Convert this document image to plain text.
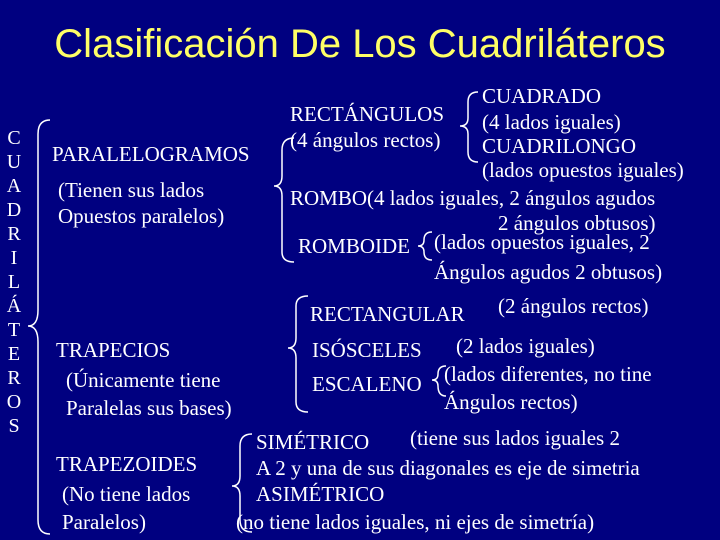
Clasificación De Los Cuadriláteros
C
U
A
D
R
I
L
Á
T
E
R
O
S
PARALELOGRAMOS
(Tienen sus lados
Opuestos paralelos)
RECTÁNGULOS
(4 ángulos rectos)
CUADRADO
(4 lados iguales)
CUADRILONGO
(lados opuestos iguales)
ROMBO(4 lados iguales, 2 ángulos agudos
2 ángulos obtusos)
ROMBOIDE (lados opuestos iguales, 2
Ángulos agudos 2 obtusos)
TRAPECIOS
(Únicamente tiene
Paralelas sus bases)
RECTANGULAR (2 ángulos rectos)
ISÓSCELES (2 lados iguales)
ESCALENO (lados diferentes, no tine
Ángulos rectos)
TRAPEZOIDES
(No tiene lados
Paralelos)
SIMÉTRICO (tiene sus lados iguales 2
A 2 y una de sus diagonales es eje de simetria
ASIMÉTRICO
(no tiene lados iguales, ni ejes de simetría)
